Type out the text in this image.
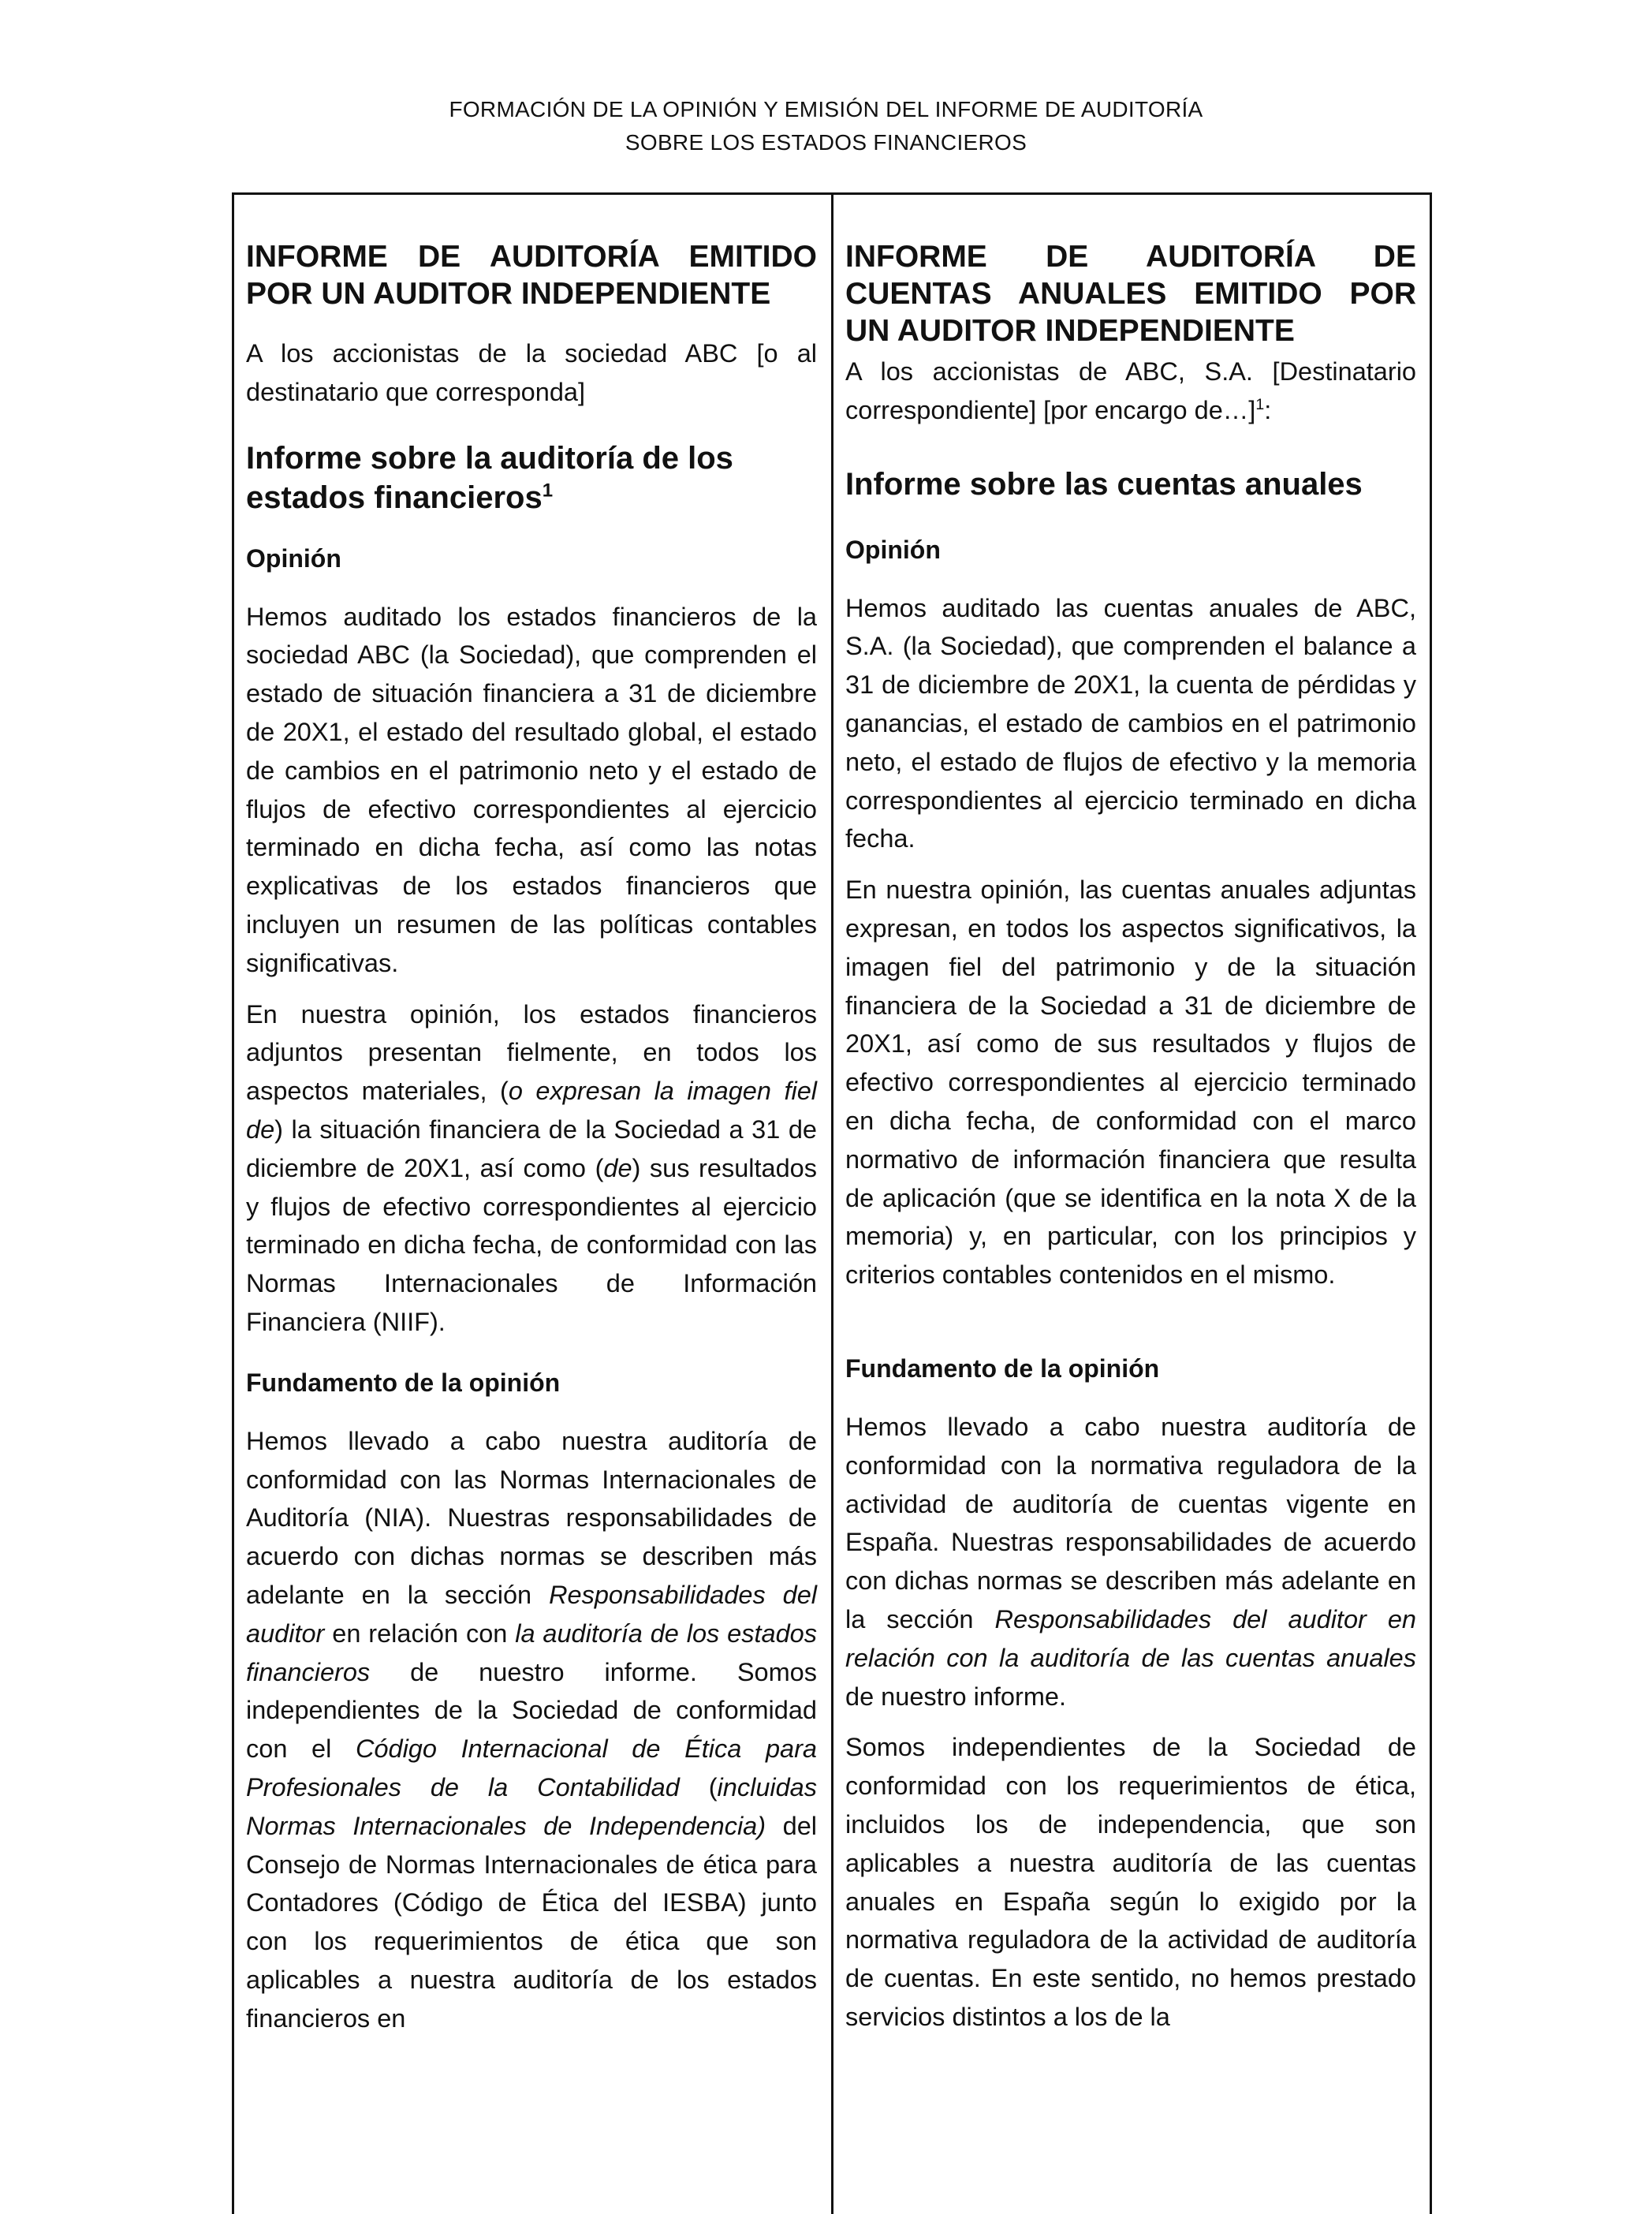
FORMACIÓN DE LA OPINIÓN Y EMISIÓN DEL INFORME DE AUDITORÍA
SOBRE LOS ESTADOS FINANCIEROS

INFORME DE AUDITORÍA EMITIDO

POR UN AUDITOR INDEPENDIENTE

A los accionistas de la sociedad ABC [o al destinatario que corresponda]

Informe sobre la auditoría de los estados financieros$^1$

Opinión

Hemos auditado los estados financieros de la sociedad ABC (la Sociedad), que comprenden el estado de situación financiera a 31 de diciembre de 20X1, el estado del resultado global, el estado de cambios en el patrimonio neto y el estado de flujos de efectivo correspondientes al ejercicio terminado en dicha fecha, así como las notas explicativas de los estados financieros que incluyen un resumen de las políticas contables significativas.

En nuestra opinión, los estados financieros adjuntos presentan fielmente, en todos los aspectos materiales, (o expresan la imagen fiel de) la situación financiera de la Sociedad a 31 de diciembre de 20X1, así como (de) sus resultados y flujos de efectivo correspondientes al ejercicio terminado en dicha fecha, de conformidad con las Normas Internacionales de Información Financiera (NIIF).

Fundamento de la opinión

Hemos llevado a cabo nuestra auditoría de conformidad con las Normas Internacionales de Auditoría (NIA). Nuestras responsabilidades de acuerdo con dichas normas se describen más adelante en la sección Responsabilidades del auditor en relación con la auditoría de los estados financieros de nuestro informe. Somos independientes de la Sociedad de conformidad con el Código Internacional de Ética para Profesionales de la Contabilidad (incluidas Normas Internacionales de Independencia) del Consejo de Normas Internacionales de ética para Contadores (Código de Ética del IESBA) junto con los requerimientos de ética que son aplicables a nuestra auditoría de los estados financieros en

INFORME DE AUDITORÍA DE

CUENTAS ANUALES EMITIDO POR

UN AUDITOR INDEPENDIENTE

A los accionistas de ABC, S.A. [Destinatario correspondiente] [por encargo de…]$^1$:

Informe sobre las cuentas anuales

Opinión

Hemos auditado las cuentas anuales de ABC, S.A. (la Sociedad), que comprenden el balance a 31 de diciembre de 20X1, la cuenta de pérdidas y ganancias, el estado de cambios en el patrimonio neto, el estado de flujos de efectivo y la memoria correspondientes al ejercicio terminado en dicha fecha.

En nuestra opinión, las cuentas anuales adjuntas expresan, en todos los aspectos significativos, la imagen fiel del patrimonio y de la situación financiera de la Sociedad a 31 de diciembre de 20X1, así como de sus resultados y flujos de efectivo correspondientes al ejercicio terminado en dicha fecha, de conformidad con el marco normativo de información financiera que resulta de aplicación (que se identifica en la nota X de la memoria) y, en particular, con los principios y criterios contables contenidos en el mismo.

Fundamento de la opinión

Hemos llevado a cabo nuestra auditoría de conformidad con la normativa reguladora de la actividad de auditoría de cuentas vigente en España. Nuestras responsabilidades de acuerdo con dichas normas se describen más adelante en la sección Responsabilidades del auditor en relación con la auditoría de las cuentas anuales de nuestro informe.

Somos independientes de la Sociedad de conformidad con los requerimientos de ética, incluidos los de independencia, que son aplicables a nuestra auditoría de las cuentas anuales en España según lo exigido por la normativa reguladora de la actividad de auditoría de cuentas. En este sentido, no hemos prestado servicios distintos a los de la
